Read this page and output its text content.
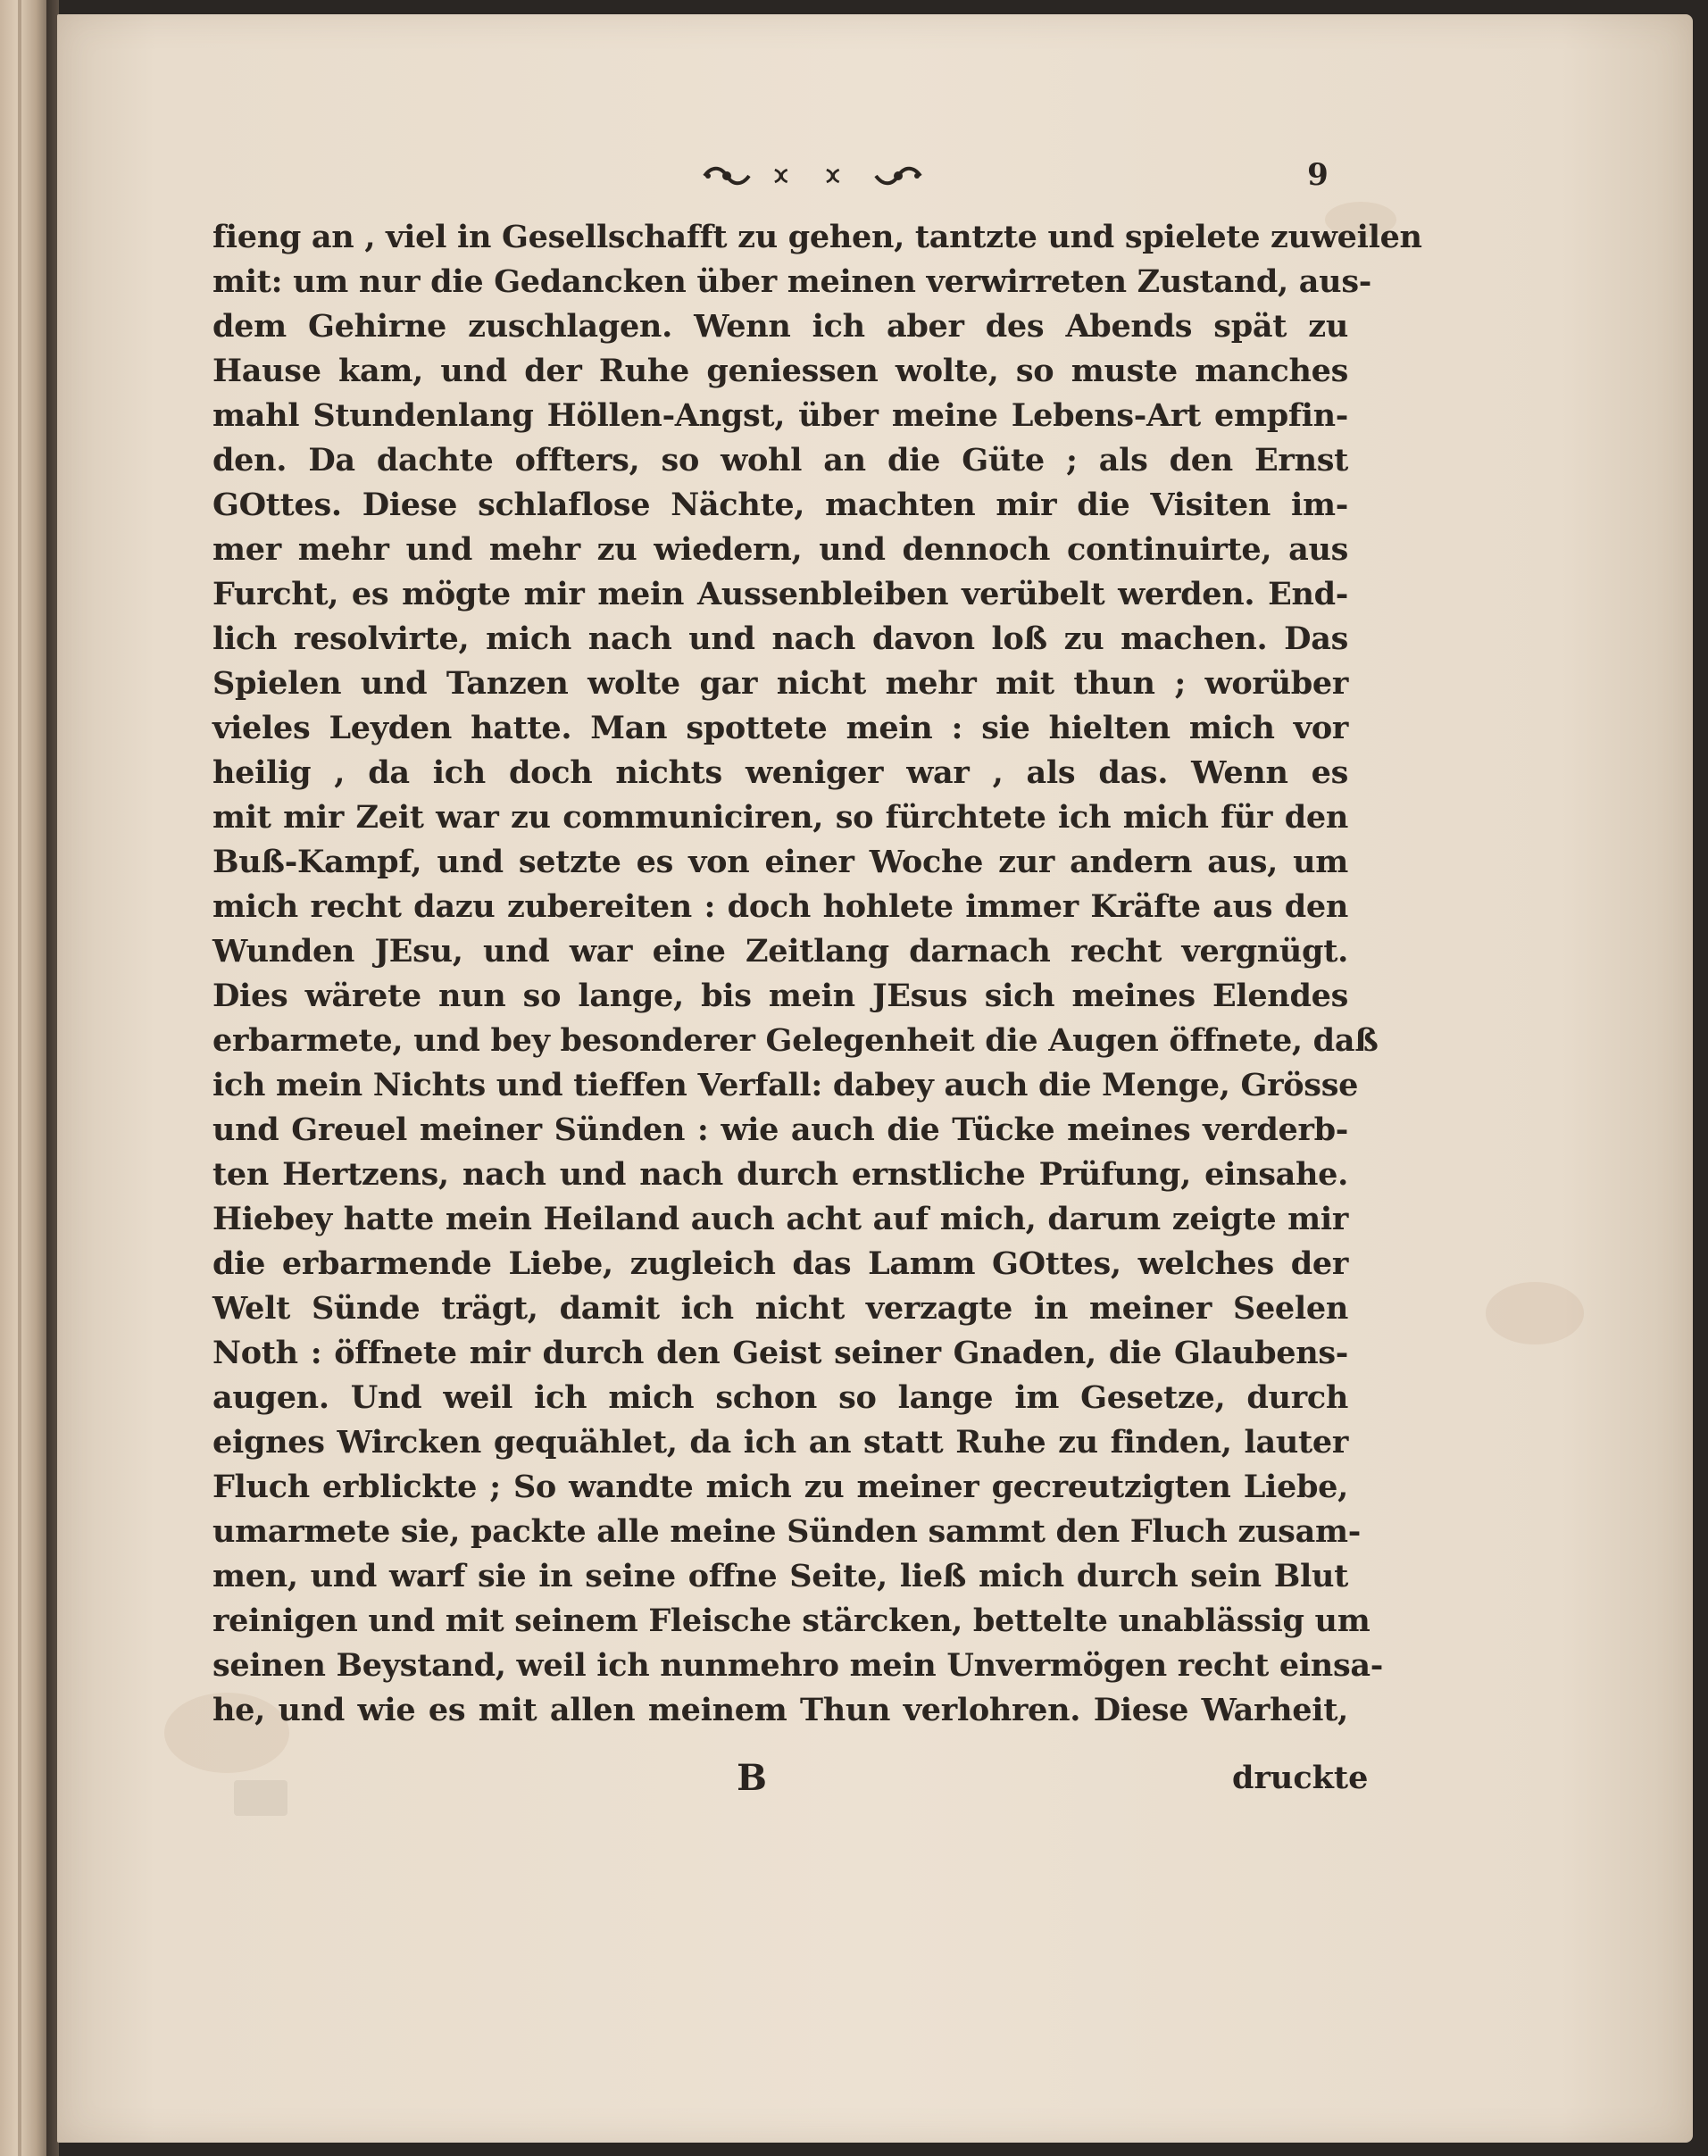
9
fieng an , viel in Gesellschafft zu gehen, tantzte und spielete zuweilen
mit: um nur die Gedancken über meinen verwirreten Zustand, aus-
dem Gehirne zuschlagen. Wenn ich aber des Abends spät zu
Hause kam, und der Ruhe geniessen wolte, so muste manches
mahl Stundenlang Höllen-Angst, über meine Lebens-Art empfin-
den. Da dachte offters, so wohl an die Güte ; als den Ernst
GOttes. Diese schlaflose Nächte, machten mir die Visiten im-
mer mehr und mehr zu wiedern, und dennoch continuirte, aus
Furcht, es mögte mir mein Aussenbleiben verübelt werden. End-
lich resolvirte, mich nach und nach davon loß zu machen. Das
Spielen und Tanzen wolte gar nicht mehr mit thun ; worüber
vieles Leyden hatte. Man spottete mein : sie hielten mich vor
heilig , da ich doch nichts weniger war , als das. Wenn es
mit mir Zeit war zu communiciren, so fürchtete ich mich für den
Buß-Kampf, und setzte es von einer Woche zur andern aus, um
mich recht dazu zubereiten : doch hohlete immer Kräfte aus den
Wunden JEsu, und war eine Zeitlang darnach recht vergnügt.
Dies wärete nun so lange, bis mein JEsus sich meines Elendes
erbarmete, und bey besonderer Gelegenheit die Augen öffnete, daß
ich mein Nichts und tieffen Verfall: dabey auch die Menge, Grösse
und Greuel meiner Sünden : wie auch die Tücke meines verderb-
ten Hertzens, nach und nach durch ernstliche Prüfung, einsahe.
Hiebey hatte mein Heiland auch acht auf mich, darum zeigte mir
die erbarmende Liebe, zugleich das Lamm GOttes, welches der
Welt Sünde trägt, damit ich nicht verzagte in meiner Seelen
Noth : öffnete mir durch den Geist seiner Gnaden, die Glaubens-
augen. Und weil ich mich schon so lange im Gesetze, durch
eignes Wircken gequählet, da ich an statt Ruhe zu finden, lauter
Fluch erblickte ; So wandte mich zu meiner gecreutzigten Liebe,
umarmete sie, packte alle meine Sünden sammt den Fluch zusam-
men, und warf sie in seine offne Seite, ließ mich durch sein Blut
reinigen und mit seinem Fleische stärcken, bettelte unablässig um
seinen Beystand, weil ich nunmehro mein Unvermögen recht einsa-
he, und wie es mit allen meinem Thun verlohren. Diese Warheit,
B	druckte
